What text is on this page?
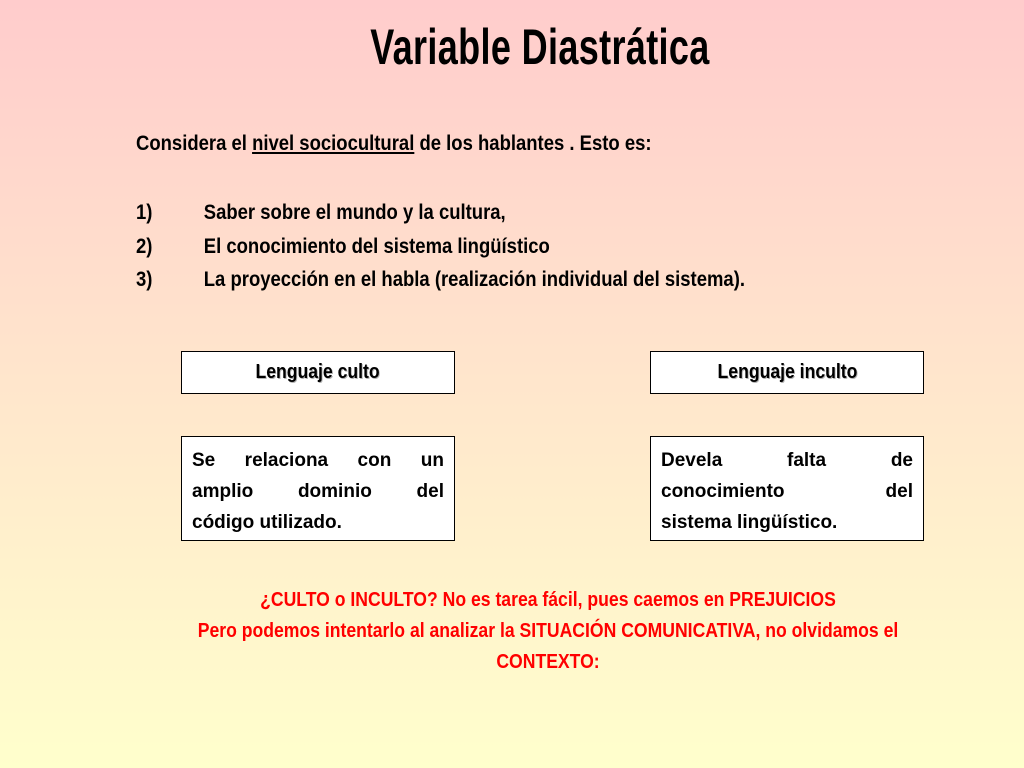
Variable Diastrática
Considera el nivel sociocultural de los hablantes . Esto es:
1)	Saber sobre el mundo y la cultura,
2)	El conocimiento del sistema lingüístico
3)	La proyección en el habla (realización individual del sistema).
Lenguaje culto	Lenguaje inculto
Se relaciona con un
amplio dominio del
código utilizado.
Devela falta de
conocimiento del
sistema lingüístico.
¿CULTO o INCULTO? No es tarea fácil, pues caemos en PREJUICIOS
Pero podemos intentarlo al analizar la SITUACIÓN COMUNICATIVA, no olvidamos el
CONTEXTO:
